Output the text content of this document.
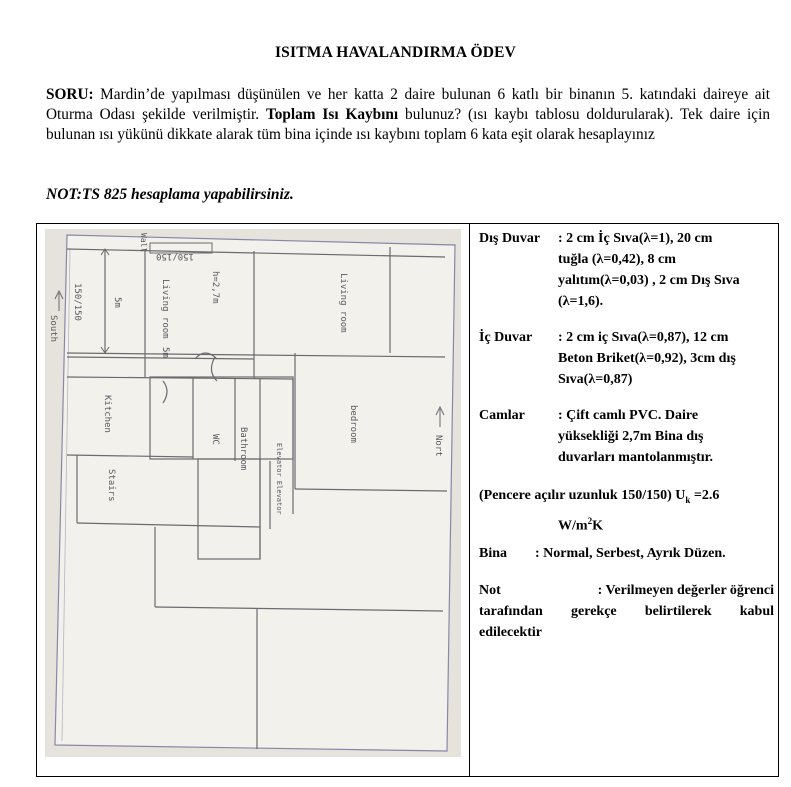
ISITMA HAVALANDIRMA ÖDEV
SORU: Mardin’de yapılması düşünülen ve her katta 2 daire bulunan 6 katlı bir binanın 5. katındaki daireye ait Oturma Odası şekilde verilmiştir. Toplam Isı Kaybını bulunuz? (ısı kaybı tablosu doldurularak). Tek daire için bulunan ısı yükünü dikkate alarak tüm bina içinde ısı kaybını toplam 6 kata eşit olarak hesaplayınız
NOT:TS 825 hesaplama yapabilirsiniz.
150/150
150/150	Living room	Living room
h=2,7m
5m
5m
South
Nort
Kitchen
WC Bathroom
bedroom
Stairs	Elevator Elevator
Wall	Dış Duvar : 2 cm İç Sıva(λ=1), 20 cm
tuğla (λ=0,42), 8 cm
yalıtım(λ=0,03) , 2 cm Dış Sıva
(λ=1,6).
İç Duvar : 2 cm iç Sıva(λ=0,87), 12 cm
Beton Briket(λ=0,92), 3cm dış
Sıva(λ=0,87)
Camlar : Çift camlı PVC. Daire
yüksekliği 2,7m Bina dış
duvarları mantolanmıştır.
(Pencere açılır uzunluk 150/150) $U_k =2.6$
$W/m^2K$
Bina : Normal, Serbest, Ayrık Düzen.
Not	: Verilmeyen değerler öğrenci
tarafından gerekçe belirtilerek kabul
edilecektir
